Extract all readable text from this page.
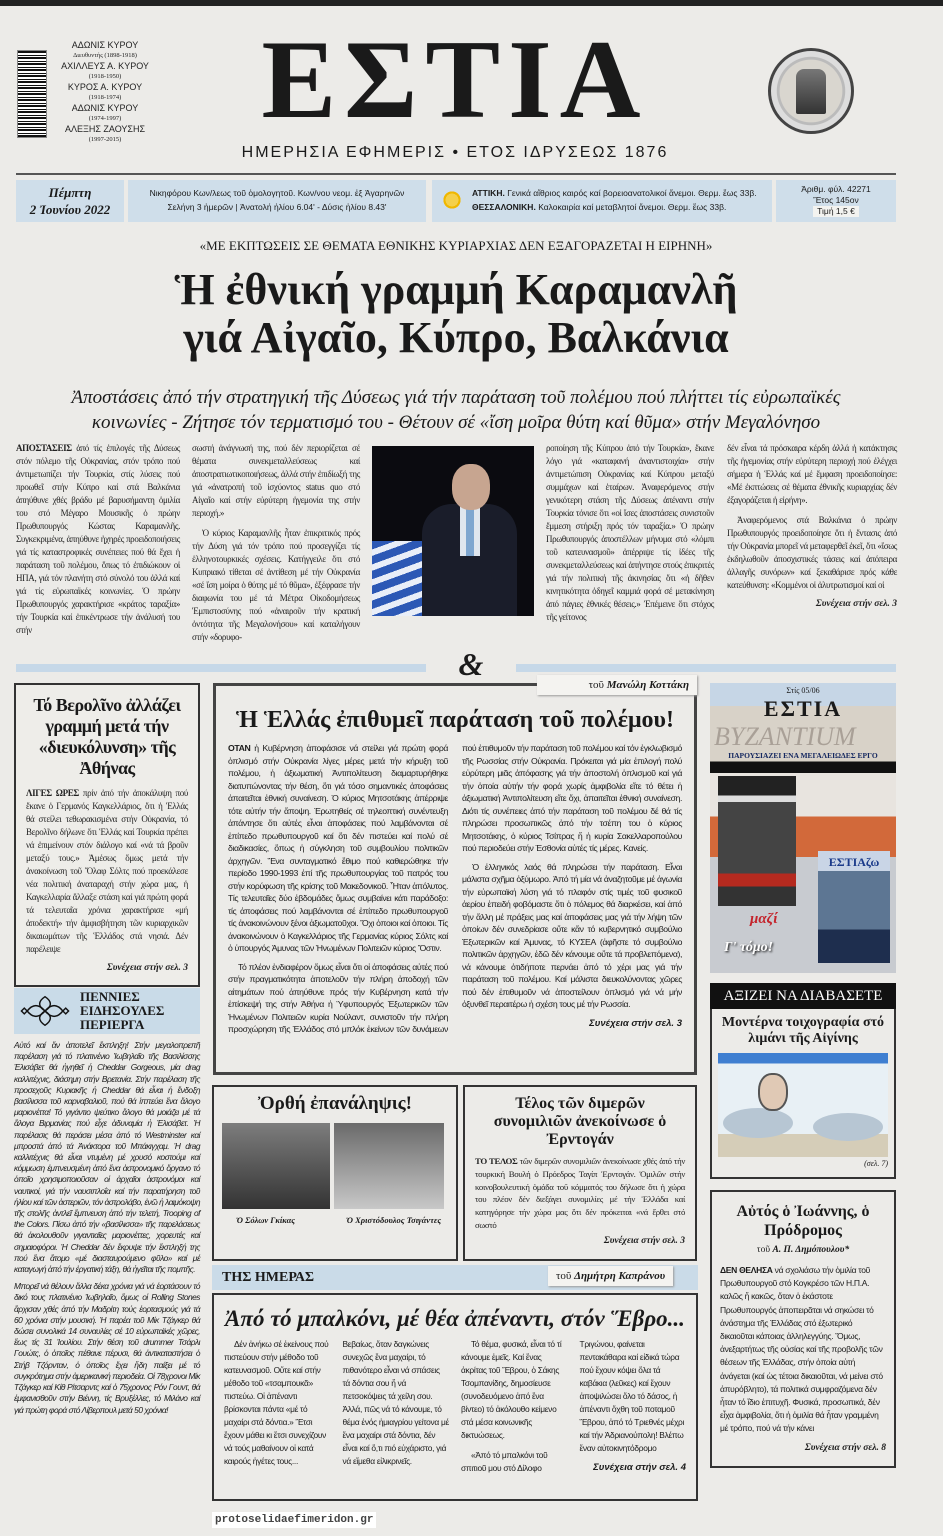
ΑΔΩΝΙΣ ΚΥΡΟΥ
Διευθυντής (1898-1918)
ΑΧΙΛΛΕΥΣ Α. ΚΥΡΟΥ
(1918-1950)
ΚΥΡΟΣ Α. ΚΥΡΟΥ
(1918-1974)
ΑΔΩΝΙΣ ΚΥΡΟΥ
(1974-1997)
ΑΛΕΞΗΣ ΖΑΟΥΣΗΣ
(1997-2015)	ΕΣΤΙΑ
ΗΜΕΡΗΣΙΑ ΕΦΗΜΕΡΙΣ • ΕΤΟΣ ΙΔΡΥΣΕΩΣ 1876
Πέμπτη
2 Ἰουνίου 2022
Νικηφόρου Κων/λεως τοῦ ὁμολογητοῦ. Κων/νου νεομ. ἐξ Ἀγαρηνῶν
Σελήνη 3 ἡμερῶν | Ἀνατολή ἡλίου 6.04' - Δύσις ἡλίου 8.43'
ΑΤΤΙΚΗ. Γενικά αἴθριος καιρός καί βορειοανατολικοί ἄνεμοι. Θερμ. ἕως 33β.
ΘΕΣΣΑΛΟΝΙΚΗ. Καλοκαιρία καί μεταβλητοί ἄνεμοι. Θερμ. ἕως 33β.
Ἀριθμ. φύλ. 42271
Ἔτος 145ον
Τιμή 1,5 €
«ΜΕ ΕΚΠΤΩΣΕΙΣ ΣΕ ΘΕΜΑΤΑ ΕΘΝΙΚΗΣ ΚΥΡΙΑΡΧΙΑΣ ΔΕΝ ΕΞΑΓΟΡΑΖΕΤΑΙ Η ΕΙΡΗΝΗ»
Ἡ ἐθνική γραμμή Καραμανλῆ
γιά Αἰγαῖο, Κύπρο, Βαλκάνια
Ἀποστάσεις ἀπό τήν στρατηγική τῆς Δύσεως γιά τήν παράταση τοῦ πολέμου πού πλήττει τίς εὐρωπαϊκές
κοινωνίες - Ζήτησε τόν τερματισμό του - Θέτουν σέ «ἴση μοῖρα θύτη καί θῦμα» στήν Μεγαλόνησο

ΑΠΟΣΤΑΣΕΙΣ ἀπό τίς ἐπιλογές τῆς Δύσεως στόν πόλεμο τῆς Οὐκρανίας, στόν τρόπο πού ἀντιμετωπίζει τήν Τουρκία, στίς λύσεις πού προωθεῖ στήν Κύπρο καί στά Βαλκάνια ἀπηύθυνε χθές βράδυ μέ βαρυσήμαντη ὁμιλία του στό Μέγαρο Μουσικῆς ὁ πρώην Πρωθυπουργός Κώστας Καραμανλῆς. Συγκεκριμένα, ἀπηύθυνε ἠχηρές προειδοποιήσεις γιά τίς καταστροφικές συνέπειες πού θά ἔχει ἡ παράταση τοῦ πολέμου, ὅπως τό ἐπιδιώκουν οἱ ΗΠΑ, γιά τόν πλανήτη στό σύνολό του ἀλλά καί γιά τίς εὐρωπαϊκές κοινωνίες. Ὁ πρώην Πρωθυπουργός χαρακτήρισε «κράτος ταραξία» τήν Τουρκία καί ἐπικέντρωσε τήν ἀνάλυσή του στήν

σωστή ἀνάγνωσή της, πού δέν περιορίζεται σέ θέματα συνεκμεταλλεύσεως καί ἀποστρατιωτικοποιήσεως, ἀλλά στήν ἐπιδίωξή της γιά «ἀνατροπή τοῦ ἰσχύοντος status quo στό Αἰγαῖο καί στήν εὐρύτερη ἡγεμονία της στήν περιοχή.»

Ὁ κύριος Καραμανλῆς ἦταν ἐπικριτικός πρός τήν Δύση γιά τόν τρόπο πού προσεγγίζει τίς ἑλληνοτουρκικές σχέσεις. Κατήγγειλε ὅτι στό Κυπριακό τίθεται σέ ἀντίθεση μέ τήν Οὐκρανία «σέ ἴση μοίρα ὁ θύτης μέ τό θῦμα», ἐξέφρασε τήν διαφωνία του μέ τά Μέτρα Οἰκοδομήσεως Ἐμπιστοσύνης πού «ἀναιροῦν τήν κρατική ὀντότητα τῆς Μεγαλονήσου» καί καταλήγουν στήν «δορυφο-

ροποίηση τῆς Κύπρου ἀπό τήν Τουρκία», ἔκανε λόγο γιά «καταφανή ἀναντιστοιχία» στήν ἀντιμετώπιση Οὐκρανίας καί Κύπρου μεταξύ συμμάχων καί ἑταίρων. Ἀναφερόμενος στήν γενικότερη στάση τῆς Δύσεως ἀπέναντι στήν Τουρκία τόνισε ὅτι «οἱ ἴσες ἀποστάσεις συνιστοῦν ἔμμεση στήριξη πρός τόν ταραξία.» Ὁ πρώην Πρωθυπουργός ἀποστέλλων μήνυμα στό «λόμπι τοῦ κατευνασμοῦ» ἀπέρριψε τίς ἰδέες τῆς συνεκμεταλλεύσεως καί ἀπήντησε στούς ἐπικριτές γιά τήν πολιτική τῆς ἀκινησίας ὅτι «ἡ δῆθεν κινητικότητα ὁδηγεῖ καμμιά φορά σέ μετακίνηση ἀπό πάγιες ἐθνικές θέσεις.» Ἐπέμεινε ὅτι στόχος τῆς γείτονος

δέν εἶναι τά πρόσκαιρα κέρδη ἀλλά ἡ κατάκτησις τῆς ἡγεμονίας στήν εὐρύτερη περιοχή πού ἐλέγχει σήμερα ἡ Ἑλλάς καί μέ ἔμφαση προειδοποίησε: «Μέ ἐκπτώσεις σέ θέματα ἐθνικῆς κυριαρχίας δέν ἐξαγοράζεται ἡ εἰρήνη».

Ἀναφερόμενος στά Βαλκάνια ὁ πρώην Πρωθυπουργός προειδοποίησε ὅτι ἡ ἔντασις ἀπό τήν Οὐκρανία μπορεῖ νά μεταφερθεῖ ἐκεῖ, ὅτι «ἴσως ἐκδηλωθοῦν ἀποσχιστικές τάσεις καί ἀπόπειρα ἀλλαγῆς συνόρων» καί ξεκαθάρισε πρός κάθε κατεύθυνση: «Κομμένοι οἱ ἀλυτρωτισμοί καί οἱ

Συνέχεια στήν σελ. 3
&
Τό Βερολῖνο ἀλλάζει γραμμή μετά τήν «διευκόλυνση» τῆς Ἀθήνας
ΛΙΓΕΣ ΩΡΕΣ πρίν ἀπό τήν ἀποκάλυψη πού ἔκανε ὁ Γερμανός Καγκελλάριος, ὅτι ἡ Ἑλλάς θά στείλει τεθωρακισμένα στήν Οὐκρανία, τό Βερολῖνο δήλωνε ὅτι Ἑλλάς καί Τουρκία πρέπει νά ἐπιμείνουν στόν διάλογο καί «νά τά βροῦν μεταξύ τους.» Ἀμέσως ὅμως μετά τήν ἀνακοίνωση τοῦ Ὄλαφ Σόλτς πού προεκάλεσε νέα πολιτική ἀναταραχή στήν χώρα μας, ἡ Καγκελλαρία ἄλλαξε στάση καί γιά πρώτη φορά τά τελευταῖα χρόνια χαρακτήρισε «μή ἀποδεκτή» τήν ἀμφισβήτηση τῶν κυριαρχικῶν δικαιωμάτων τῆς Ἑλλάδος στά νησιά. Δέν παρέλειψε
Συνέχεια στήν σελ. 3
ΠΕΝΝΙΕΣ
ΕΙΔΗΣΟΥΛΕΣ
ΠΕΡΙΕΡΓΑ

Αὐτό καί ἄν ἀποτελεῖ ἔκπληξη! Στήν μεγαλοπρεπῆ παρέλαση γιά τό πλατινένιο Ἰωβηλαῖο τῆς Βασιλίσσης Ἐλισάβετ θά ἡγηθεῖ ἡ Cheddar Gorgeous, μία drag καλλιτέχνις, διάσημη στήν Βρετανία. Στήν παρέλαση τῆς προσεχοῦς Κυριακῆς ἡ Cheddar θά εἶναι ἡ ἔνδοξη βασίλισσα τοῦ καρναβαλιοῦ, πού θά ἱππεύει ἕνα ἄλογο μαριονέττα! Τό γιγάντιο ψεύτικο ἄλογο θά μοιάζει μέ τά ἄλογα Βιρμανίας πού εἶχε ἀδυναμία ἡ Ἐλισάβετ. Ἡ παρέλασις θά περάσει μέσα ἀπό τό Westminster καί μπροστά ἀπό τά Ἀνάκτορα τοῦ Μπάκιγχαμ. Ἡ drag καλλιτέχνις θά εἶναι ντυμένη μέ χρυσό κοστούμι καί κόμμωση ἐμπνευσμένη ἀπό ἕνα ἀστρονομικό ὄργανο τό ὁποῖο χρησιμοποιοῦσαν οἱ ἀρχαῖοι ἀστρονόμοι καί ναυτικοί, γιά τήν ναυσιπλοΐα καί τήν παρατήρηση τοῦ ἡλίου καί τῶν ἀστεριῶν, τόν ἀστρολάβο, ἐνῶ ἡ λαιμόκοψη τῆς στολῆς ἀντλεῖ ἔμπνευση ἀπό τήν τελετή, Trooping of the Colors. Πίσω ἀπό τήν «βασίλισσα» τῆς παρελάσεως θά ἀκολουθοῦν γιγαντιαῖες μαριονέττες, χορευτές καί σημαιοφόροι. Ἡ Cheddar δέν ἔκρυψε τήν ἔκπληξή της πού ἕνα ἄτομο «μέ διασταυρούμενο φῦλο» καί μέ καταγωγή ἀπό τήν ἐργατική τάξη, θά ἡγεῖται τῆς πομπῆς.

Μπορεῖ νά θέλουν ἄλλα δέκα χρόνια γιά νά ἑορτάσουν τό δικό τους πλατινένιο Ἰωβηλαῖο, ὅμως οἱ Rolling Stones ἄρχισαν χθές ἀπό τήν Μαδρίτη τούς ἑορτασμούς γιά τά 60 χρόνια στήν μουσική. Ἡ παρέα τοῦ Μίκ Τζάγκερ θά δώσει συνολικά 14 συναυλίες σέ 10 εὐρωπαϊκές χῶρες, ἕως τίς 31 Ἰουλίου. Στήν θέση τοῦ drummer Τσάρλι Γουώτς, ὁ ὁποῖος πέθανε πέρυσι, θά ἀντικαταστήσει ὁ Στήβ Τζόρνταν, ὁ ὁποῖος ἔχει ἤδη παίξει μέ τό συγκρότημα στήν ἀμερικανική περιοδεία. Οἱ 78χρονοι Μίκ Τζάγκερ καί Κίθ Ρίτσαρντς καί ὁ 75χρονος Ρόν Γουντ, θά ἐμφανισθοῦν στήν Βιέννη, τίς Βρυξέλλες, τό Μιλάνο καί γιά πρώτη φορά στό Λίβερπουλ μετά 50 χρόνια!

Ἡ Ἑλλάς ἐπιθυμεῖ παράταση τοῦ πολέμου!

ΟΤΑΝ ἡ Κυβέρνηση ἀποφάσισε νά στείλει γιά πρώτη φορά ὁπλισμό στήν Οὐκρανία λίγες μέρες μετά τήν κήρυξη τοῦ πολέμου, ἡ ἀξιωματική Ἀντιπολίτευση διαμαρτυρήθηκε διατυπώνοντας τήν θέση, ὅτι γιά τόσο σημαντικές ἀποφάσεις ἀπαιτεῖται ἐθνική συναίνεση. Ὁ κύριος Μητσοτάκης ἀπέρριψε τότε αὐτήν τήν ἄποψη. Ἐρωτηθείς σέ τηλεοπτική συνέντευξη ἀπάντησε ὅτι αὐτές εἶναι ἀποφάσεις πού λαμβάνονται σέ ἐπίπεδο πρωθυπουργοῦ καί ὅτι δέν πιστεύει καί πολύ σέ διαδικασίες, ὅπως ἡ σύγκληση τοῦ συμβουλίου πολιτικῶν ἀρχηγῶν. Ἕνα συνταγματικό ἔθιμο πού καθιερώθηκε τήν περίοδο 1990-1993 ἐπί τῆς πρωθυπουργίας τοῦ πατρός του στήν κορύφωση τῆς κρίσης τοῦ Μακεδονικοῦ. Ἦταν ἀπόλυτος. Τίς τελευταῖες δύο ἑβδομάδες ὅμως συμβαίνει κάτι παράδοξο: τίς ἀποφάσεις πού λαμβάνονται σέ ἐπίπεδο πρωθυπουργοῦ τίς ἀνακοινώνουν ξένοι ἀξιωματοῦχοι. Ὄχι ὁποιοι καί ὁποιοι. Τίς ἀνακοινώνουν ὁ Καγκελλάριος τῆς Γερμανίας κύριος Σόλτς καί ὁ ὑπουργός Ἀμυνας τῶν Ἡνωμένων Πολιτειῶν κύριος Ὄστιν.

Τό πλέον ἐνδιαφέρον ὅμως εἶναι ὅτι οἱ ἀποφάσεις αὐτές πού στήν πραγματικότητα ἀποτελοῦν τήν πλήρη ἀποδοχή τῶν αἰτημάτων πού ἀπηύθυνε πρός τήν Κυβέρνηση κατά τήν ἐπίσκεψή της στήν Ἀθήνα ἡ Ὑφυπουργός Ἐξωτερικῶν τῶν Ἡνωμένων Πολιτειῶν κυρία Νούλαντ, συνιστοῦν τήν πλήρη προσχώρηση τῆς Ἑλλάδος στό μπλόκ ἐκείνων τῶν δυνάμεων πού ἐπιθυμοῦν τήν παράταση τοῦ πολέμου καί τόν ἐγκλωβισμό τῆς Ρωσσίας στήν Οὐκρανία. Πρόκειται γιά μία ἐπιλογή πολύ εὐρύτερη μιᾶς ἀπόφασης γιά τήν ἀποστολή ὁπλισμοῦ καί γιά τήν ὁποία αὐτήν τήν φορά χωρίς ἀμφιβολία εἴτε τό θέτει ἡ ἀξιωματική Ἀντιπολίτευση εἴτε ὄχι, ἀπαιτεῖται ἐθνική συναίνεση. Διότι τίς συνέπειες ἀπό τήν παράταση τοῦ πολέμου δέ θά τίς πληρώσει προσωπικῶς ἀπό τήν τσέπη του ὁ κύριος Μητσοτάκης, ὁ κύριος Τσίπρας ἤ ἡ κυρία Σακελλαροπούλου πού περιοδεύει στήν Ἐσθονία αὐτές τίς μέρες. Κανείς.

Ὁ ἑλληνικός λαός θά πληρώσει τήν παράταση. Εἶναι μάλιστα σχῆμα ὀξύμωρο. Ἀπό τή μία νά ἀναζητοῦμε μέ ἀγωνία τήν εὐρωπαϊκή λύση γιά τό πλαφόν στίς τιμές τοῦ φυσικοῦ ἀερίου ἐπειδή φοβόμαστε ὅτι ὁ πόλεμος θά διαρκέσει, καί ἀπό τήν ἄλλη μέ πράξεις μας καί ἀποφάσεις μας γιά τήν λήψη τῶν ὁποίων δέν συνεδρίασε οὔτε κἄν τό κυβερνητικό συμβούλιο Ἐξωτερικῶν καί Ἀμυνας, τό ΚΥΣΕΑ (ἀφῆστε τό συμβούλιο πολιτικῶν ἀρχηγῶν, ἐδῶ δέν κάνουμε οὔτε τά προβλεπόμενα), νά κάνουμε ὁτιδήποτε περνάει ἀπό τό χέρι μας γιά τήν παράταση τοῦ πολέμου. Καί μάλιστα διευκολύνοντας χῶρες πού δέν ἐπιθυμοῦν νά ἀποστείλουν ὁπλισμό γιά νά μήν ὀξυνθεῖ περαιτέρω ἡ σχέση τους μέ τήν Ρωσσία.

Συνέχεια στήν σελ. 3
τοῦ Μανώλη Κοττάκη	Στίς 05/06
BYZANTIUM
ΕΣΤΙΑ
ΠΑΡΟΥΣΙΑΖΕΙ ΕΝΑ ΜΕΓΑΛΕΙΩΔΕΣ ΕΡΓΟ
ΕΣΤΙΑζω
μαζί
Γ' τόμο!
ΑΞΙΖΕΙ ΝΑ ΔΙΑΒΑΣΕΤΕ
Μοντέρνα τοιχογραφία στό λιμάνι τῆς Αἰγίνης
(σελ. 7)
Ὀρθή ἐπανάληψις!
Ὁ Σόλων Γκίκας	Ὁ Χριστόδουλος Τσιγάντες
Τέλος τῶν διμερῶν συνομιλιῶν ἀνεκοίνωσε ὁ Ἐρντογάν
ΤΟ ΤΕΛΟΣ τῶν διμερῶν συνομιλιῶν ἀνεκοίνωσε χθές ἀπό τήν τουρκική Βουλή ὁ Πρόεδρος Ταγίπ Ἐρντογάν. Ὁμιλῶν στήν κοινοβουλευτική ὁμάδα τοῦ κόμματός του δήλωσε ὅτι ἡ χώρα του πλέον δέν διεξάγει συνομιλίες μέ τήν Ἑλλάδα καί κατηγόρησε τήν χώρα μας ὅτι δέν πρόκειται «νά ἔρθει στό σωστό
Συνέχεια στήν σελ. 3
ΤΗΣ ΗΜΕΡΑΣ	τοῦ Δημήτρη Καπράνου
Ἀπό τό μπαλκόνι, μέ θέα ἀπέναντι, στόν Ἕβρο...

Δέν ἀνήκω σέ ἐκείνους πού πιστεύουν στήν μέθοδο τοῦ κατευνασμοῦ. Οὔτε καί στήν μέθοδο τοῦ «τσαμπουκᾶ» πιστεύω. Οἱ ἀπέναντι βρίσκονται πάντα «μέ τό μαχαίρι στά δόντια.» Ἔτσι ἔχουν μάθει κι ἔτσι συνεχίζουν νά τούς μαθαίνουν οἱ κατά καιρούς ἡγέτες τους... Βεβαίως, ὅταν δαγκώνεις συνεχῶς ἕνα μαχαίρι, τό πιθανότερο εἶναι νά σπάσεις τά δόντια σου ἤ νά πετσοκόψεις τά χείλη σου. Ἀλλά, πῶς νά τό κάνουμε, τό θέμα ἑνός ἡμιαγρίου γείτονα μέ ἕνα μαχαίρι στά δόντια, δέν εἶναι καί ὅ,τι πιό εὐχάριστο, γιά νά εἴμεθα εἰλικρινεῖς.

Τό θέμα, φυσικά, εἶναι τό τί κάνουμε ἐμεῖς. Καί ἕνας ἀκρίτας τοῦ Ἕβρου, ὁ Σάκης Τσομπανίδης, δημοσίευσε (συνοδευόμενο ἀπό ἕνα βίντεο) τό ἀκόλουθο κείμενο στά μέσα κοινωνικῆς δικτυώσεως.

«Ἀπό τό μπαλκόνι τοῦ σπιτιοῦ μου στό Δίλοφο Τριγώνου, φαίνεται πεντακάθαρα καί εἰδικά τώρα πού ἔχουν κόψει ὅλα τά καβάκια (λεῦκες) καί ἔχουν ἀποψιλώσει ὅλο τό δάσος, ἡ ἀπέναντι ὄχθη τοῦ ποταμοῦ Ἕβρου, ἀπό τό Τριεθνές μέχρι καί τήν Ἀδριανούπολη! Βλέπω ἕναν αὐτοκινητόδρομο

Συνέχεια στήν σελ. 4
protoselidaefimeridon.gr
Αὐτός ὁ Ἰωάννης, ὁ Πρόδρομος
τοῦ Α. Π. Δημόπουλου*
ΔΕΝ ΘΕΛΗΣΑ νά σχολιάσω τήν ὁμιλία τοῦ Πρωθυπουργοῦ στό Κογκρέσο τῶν Η.Π.Α. καλῶς ἤ κακῶς, ὅταν ὁ ἑκάστοτε Πρωθυπουργός ἀποπειρᾶται νά σηκώσει τό ἀνάστημα τῆς Ἑλλάδας στό ἐξωτερικό δικαιοῦται κάποιας ἀλληλεγγύης. Ὅμως, ἀνεξαρτήτως τῆς οὐσίας καί τῆς προβολῆς τῶν θέσεων τῆς Ἑλλάδας, στήν ὁποία αὐτή ἀνάγεται (καί ὡς τέτοια δικαιοῦται, νά μείνει στό ἀπυρόβλητο), τά πολιτικά συμφραζόμενα δέν ἦταν τό ἴδιο ἐπιτυχῆ. Φυσικά, προσωπικά, δέν εἶχα ἀμφιβολία, ὅτι ἡ ὁμιλία θά ἦταν γραμμένη μέ τρόπο, πού νά τήν κάνει
Συνέχεια στήν σελ. 8
